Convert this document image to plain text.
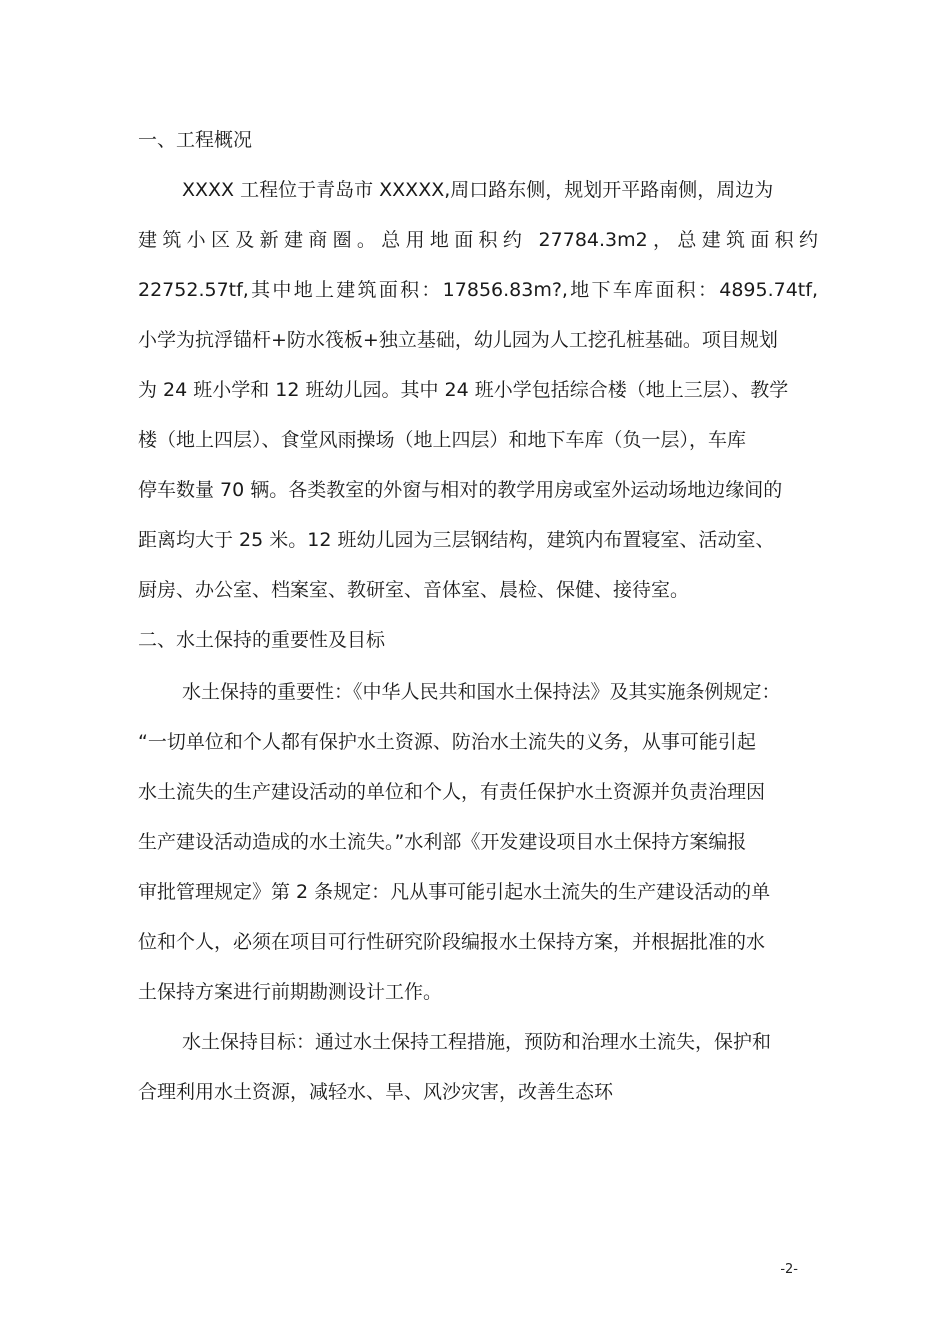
一、工程概况
XXXX 工程位于青岛市 XXXXX,周口路东侧，规划开平路南侧，周边为
建筑小区及新建商圈。总用地面积约 27784.3m2，总建筑面积约
22752.57tf,其中地上建筑面积：17856.83m?,地下车库面积：4895.74tf,
小学为抗浮锚杆+防水筏板+独立基础，幼儿园为人工挖孔桩基础。项目规划
为 24 班小学和 12 班幼儿园。其中 24 班小学包括综合楼（地上三层）、教学
楼（地上四层）、食堂风雨操场（地上四层）和地下车库（负一层），车库
停车数量 70 辆。各类教室的外窗与相对的教学用房或室外运动场地边缘间的
距离均大于 25 米。12 班幼儿园为三层钢结构，建筑内布置寝室、活动室、
厨房、办公室、档案室、教研室、音体室、晨检、保健、接待室。
二、水土保持的重要性及目标
水土保持的重要性：《中华人民共和国水土保持法》及其实施条例规定：
“一切单位和个人都有保护水土资源、防治水土流失的义务，从事可能引起
水土流失的生产建设活动的单位和个人，有责任保护水土资源并负责治理因
生产建设活动造成的水土流失。”水利部《开发建设项目水土保持方案编报
审批管理规定》第 2 条规定：凡从事可能引起水土流失的生产建设活动的单
位和个人，必须在项目可行性研究阶段编报水土保持方案，并根据批准的水
土保持方案进行前期勘测设计工作。
水土保持目标：通过水土保持工程措施，预防和治理水土流失，保护和
合理利用水土资源，减轻水、旱、风沙灾害，改善生态环
-2-
